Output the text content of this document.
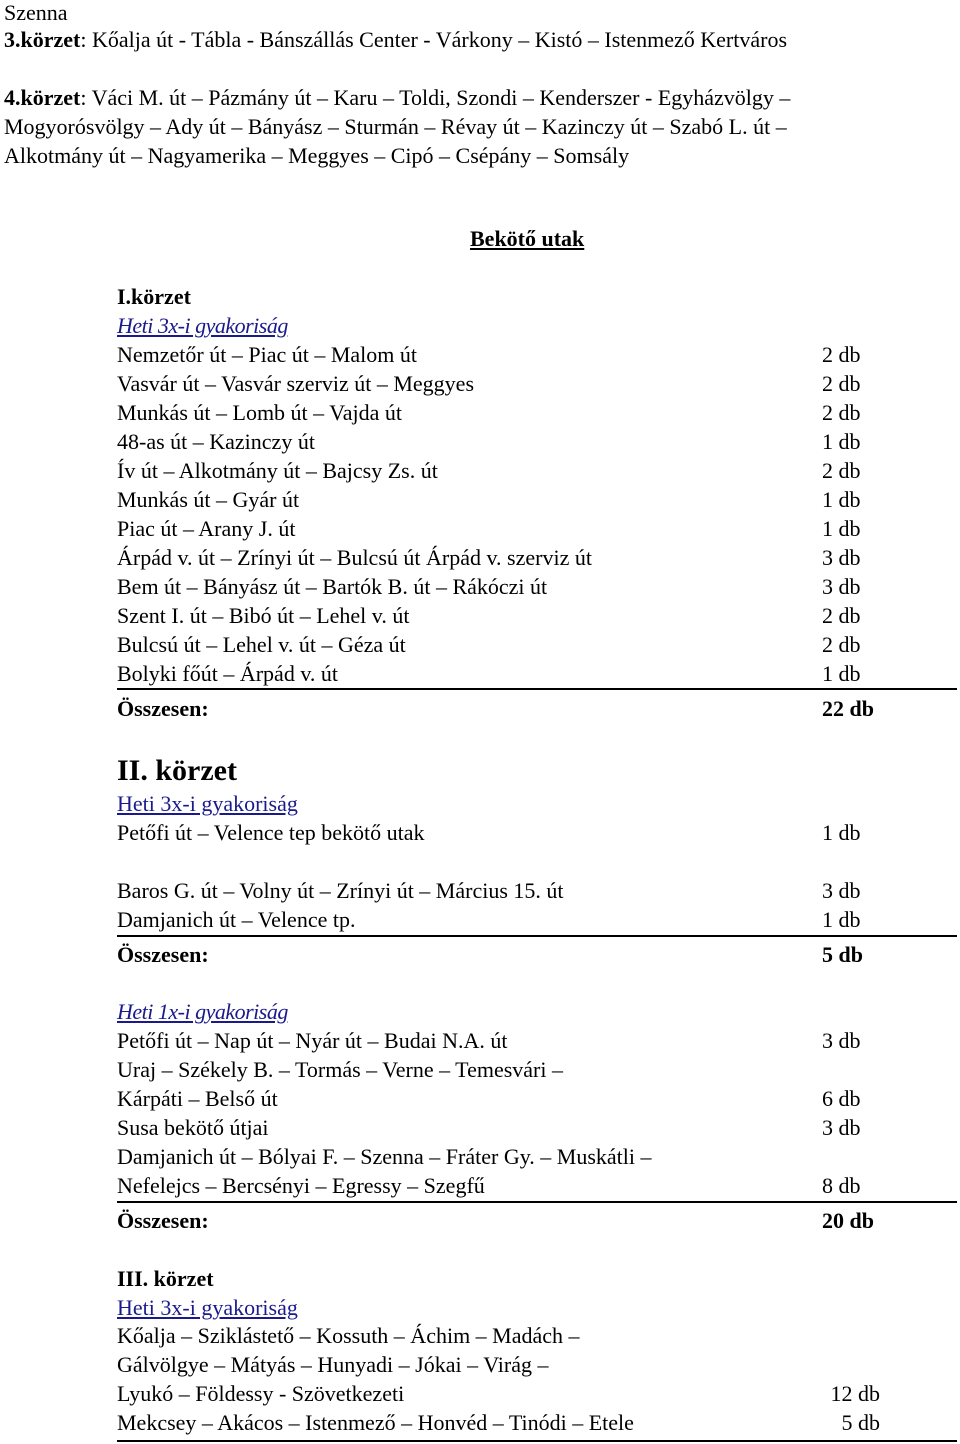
Szenna
3.körzet: Kőalja út - Tábla - Bánszállás Center - Várkony – Kistó – Istenmező Kertváros
4.körzet: Váci M. út – Pázmány út – Karu – Toldi, Szondi – Kenderszer - Egyházvölgy –
Mogyorósvölgy – Ady út – Bányász – Sturmán – Révay út – Kazinczy út – Szabó L. út –
Alkotmány út – Nagyamerika – Meggyes – Cipó – Csépány – Somsály
Bekötő utak
I.körzet
Heti 3x-i gyakoriság
Nemzetőr út – Piac út – Malom út	2 db
Vasvár út – Vasvár szerviz út – Meggyes	2 db
Munkás út – Lomb út – Vajda út	2 db
48-as út – Kazinczy út	1 db
Ív út – Alkotmány út – Bajcsy Zs. út	2 db
Munkás út – Gyár út	1 db
Piac út – Arany J. út	1 db
Árpád v. út – Zrínyi út – Bulcsú út Árpád v. szerviz út	3 db
Bem út – Bányász út – Bartók B. út – Rákóczi út	3 db
Szent I. út – Bibó út – Lehel v. út	2 db
Bulcsú út – Lehel v. út – Géza út	2 db
Bolyki főút – Árpád v. út	1 db
Összesen:	22 db
II. körzet
Heti 3x-i gyakoriság
Petőfi út – Velence tep bekötő utak	1 db
Baros G. út – Volny út – Zrínyi út – Március 15. út	3 db
Damjanich út – Velence tp.	1 db
Összesen:	5 db
Heti 1x-i gyakoriság
Petőfi út – Nap út – Nyár út – Budai N.A. út	3 db
Uraj – Székely B. – Tormás – Verne – Temesvári –
Kárpáti – Belső út	6 db
Susa bekötő útjai	3 db
Damjanich út – Bólyai F. – Szenna – Fráter Gy. – Muskátli –
Nefelejcs – Bercsényi – Egressy – Szegfű	8 db
Összesen:	20 db
III. körzet
Heti 3x-i gyakoriság
Kőalja – Sziklástető – Kossuth – Áchim – Madách –
Gálvölgye – Mátyás – Hunyadi – Jókai – Virág –
Lyukó – Földessy - Szövetkezeti	12 db
Mekcsey – Akácos – Istenmező – Honvéd – Tinódi – Etele	5 db
